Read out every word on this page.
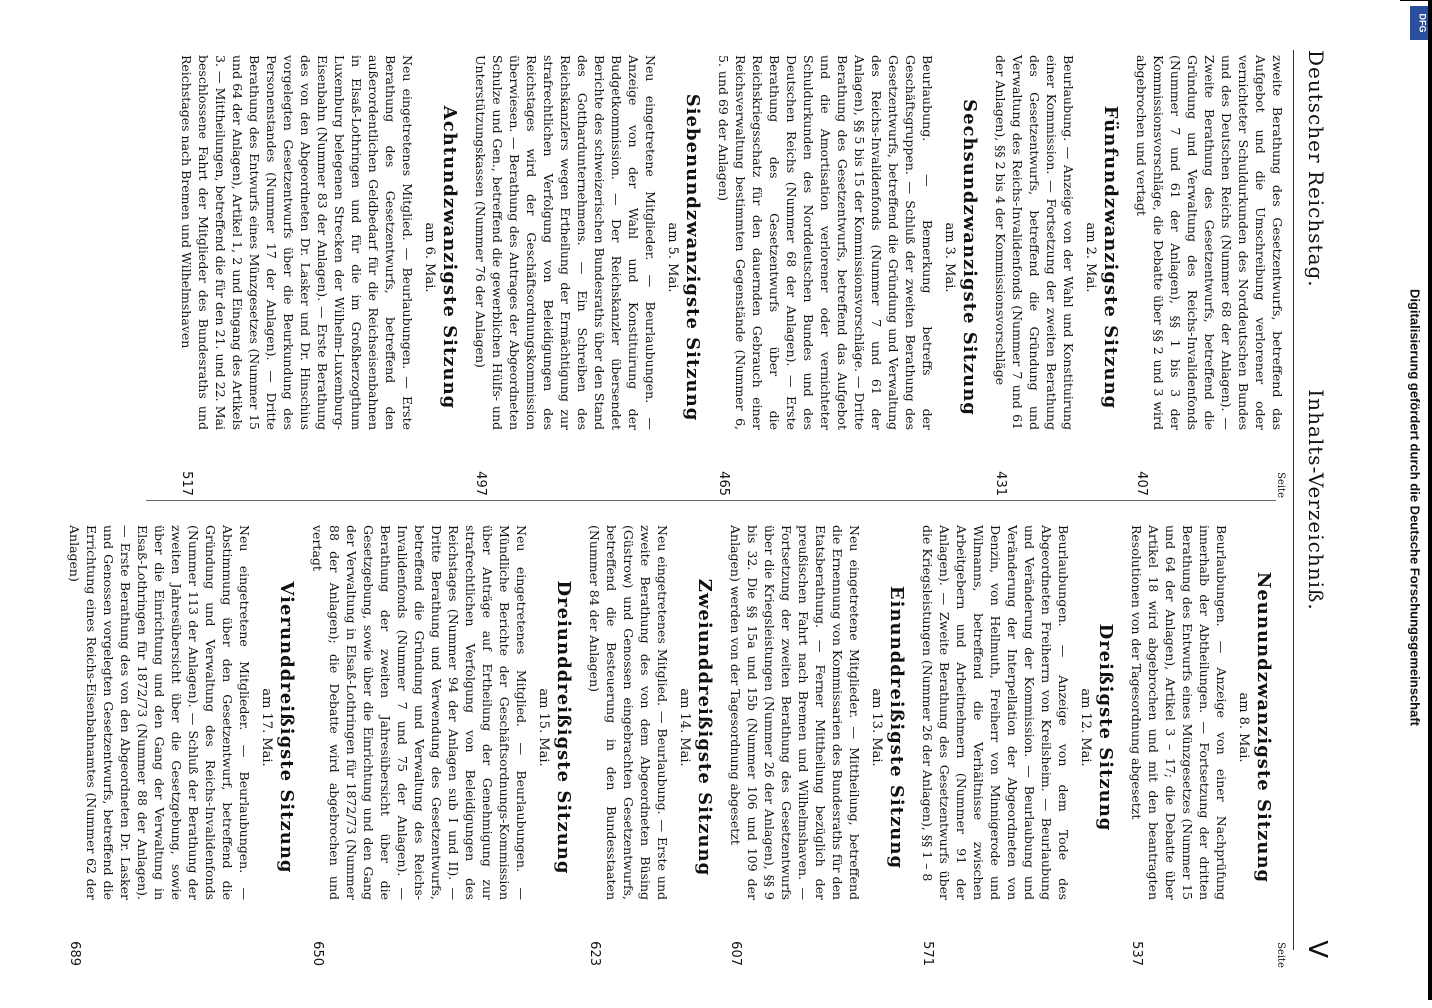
Deutscher Reichstag.
Inhalts-Verzeichniß.
V
Seite

zweite Berathung des Gesetzentwurfs, betreffend das Aufgebot und die Umschreibung verlorener oder vernichteter Schuldurkunden des Norddeutschen Bundes und des Deutschen Reichs (Nummer 68 der Anlagen). — Zweite Berathung des Gesetzentwurfs, betreffend die Gründung und Verwaltung des Reichs-Invalidenfonds (Nummer 7 und 61 der Anlagen), §§ 1 bis 3 der Kommissionsvorschläge, die Debatte über §§ 2 und 3 wird abgebrochen und vertagt
407

Fünfundzwanzigste Sitzung
am 2. Mai.

Beurlaubung. — Anzeige von der Wahl und Konstituirung einer Kommission. — Fortsetzung der zweiten Berathung des Gesetzentwurfs, betreffend die Gründung und Verwaltung des Reichs-Invalidenfonds (Nummer 7 und 61 der Anlagen), §§ 2 bis 4 der Kommissionsvorschläge
431

Sechsundzwanzigste Sitzung
am 3. Mai.

Beurlaubung. — Bemerkung betreffs der Geschäftsgruppen. — Schluß der zweiten Berathung des Gesetzentwurfs, betreffend die Gründung und Verwaltung des Reichs-Invalidenfonds (Nummer 7 und 61 der Anlagen), §§ 5 bis 15 der Kommissionsvorschläge. — Dritte Berathung des Gesetzentwurfs, betreffend das Aufgebot und die Amortisation verlorener oder vernichteter Schuldurkunden des Norddeutschen Bundes und des Deutschen Reichs (Nummer 68 der Anlagen). — Erste Berathung des Gesetzentwurfs über die Reichskriegsschatz für den dauernden Gebrauch einer Reichsverwaltung bestimmten Gegenstände (Nummer 6, 5. und 69 der Anlagen)
465

Siebenundzwanzigste Sitzung
am 5. Mai.

Neu eingetretene Mitglieder. — Beurlaubungen. — Anzeige von der Wahl und Konstituirung der Budgetkommission. — Der Reichskanzler übersendet Berichte des schweizerischen Bundesraths über den Stand des Gotthardunternehmens. — Ein Schreiben des Reichskanzlers wegen Ertheilung der Ermächtigung zur strafrechtlichen Verfolgung von Beleidigungen des Reichstages wird der Geschäftsordnungskommission überwiesen. — Berathung des Antrages der Abgeordneten Schulze und Gen., betreffend die gewerblichen Hülfs- und Unterstützungskassen (Nummer 76 der Anlagen)
497

Achtundzwanzigste Sitzung
am 6. Mai.

Neu eingetretenes Mitglied. — Beurlaubungen. — Erste Berathung des Gesetzentwurfs, betreffend den außerordentlichen Geldbedarf für die Reichseisenbahnen in Elsaß-Lothringen und für die im Großherzogthum Luxemburg belegenen Strecken der Wilhelm-Luxemburg-Eisenbahn (Nummer 83 der Anlagen). — Erste Berathung des von den Abgeordneten Dr. Lasker und Dr. Hinschius vorgelegten Gesetzentwurfs über die Beurkundung des Personenstandes (Nummer 17 der Anlagen). — Dritte Berathung des Entwurfs eines Münzgesetzes (Nummer 15 und 64 der Anlagen), Artikel 1, 2 und Eingang des Artikels 3. — Mittheilungen, betreffend die für den 21. und 22. Mai beschlossene Fahrt der Mitglieder des Bundesraths und Reichstages nach Bremen und Wilhelmshaven
517

Seite
Neunundzwanzigste Sitzung
am 8. Mai.

Beurlaubungen. — Anzeige von einer Nachprüfung innerhalb der Abtheilungen. — Fortsetzung der dritten Berathung des Entwurfs eines Münzgesetzes (Nummer 15 und 64 der Anlagen), Artikel 3 – 17; die Debatte über Artikel 18 wird abgebrochen und mit den beantragten Resolutionen von der Tagesordnung abgesetzt
537

Dreißigste Sitzung
am 12. Mai.

Beurlaubungen. — Anzeige von dem Tode des Abgeordneten Freiherrn von Kreilsheim. — Beurlaubung und Veränderung der Kommission. — Beurlaubung und Veränderung der Interpellation der Abgeordneten von Denzin, von Hellmuth, Freiherr von Minnigerode und Wilmanns, betreffend die Verhältnisse zwischen Arbeitgebern und Arbeitnehmern (Nummer 91 der Anlagen). — Zweite Berathung des Gesetzentwurfs über die Kriegsleistungen (Nummer 26 der Anlagen), §§ 1 – 8
571

Einunddreißigste Sitzung
am 13. Mai.

Neu eingetretene Mitglieder. — Mittheilung, betreffend die Ernennung von Kommissarien des Bundesraths für den Etatsberathung. — Ferner Mittheilung bezüglich der preußischen Fahrt nach Bremen und Wilhelmshaven. — Fortsetzung der zweiten Berathung des Gesetzentwurfs über die Kriegsleistungen (Nummer 26 der Anlagen), §§ 9 bis 32. Die §§ 15a und 15b (Nummer 106 und 109 der Anlagen) werden von der Tagesordnung abgesetzt
607

Zweiunddreißigste Sitzung
am 14. Mai.

Neu eingetretenes Mitglied. — Beurlaubung. — Erste und zweite Berathung des von dem Abgeordneten Büsing (Güstrow) und Genossen eingebrachten Gesetzentwurfs, betreffend die Besteuerung in den Bundesstaaten (Nummer 84 der Anlagen)
623

Dreiunddreißigste Sitzung
am 15. Mai.

Neu eingetretenes Mitglied. — Beurlaubungen. — Mündliche Berichte der Geschäftsordnungs-Kommission über Anträge auf Ertheilung der Genehmigung zur strafrechtlichen Verfolgung von Beleidigungen des Reichstages (Nummer 94 der Anlagen sub I und II). — Dritte Berathung und Verwendung des Gesetzentwurfs, betreffend die Gründung und Verwaltung des Reichs-Invalidenfonds (Nummer 7 und 75 der Anlagen). — Berathung der zweiten Jahresübersicht über die Gesetzgebung, sowie über die Einrichtung und den Gang der Verwaltung in Elsaß-Lothringen für 1872/73 (Nummer 88 der Anlagen); die Debatte wird abgebrochen und vertagt
650

Vierunddreißigste Sitzung
am 17. Mai.

Neu eingetretene Mitglieder. — Beurlaubungen. — Abstimmung über den Gesetzentwurf, betreffend die Gründung und Verwaltung des Reichs-Invalidenfonds (Nummer 113 der Anlagen). — Schluß der Berathung der zweiten Jahresübersicht über die Gesetzgebung, sowie über die Einrichtung und den Gang der Verwaltung in Elsaß-Lothringen für 1872/73 (Nummer 88 der Anlagen). — Erste Berathung des von den Abgeordneten Dr. Lasker und Genossen vorgelegten Gesetzentwurfs, betreffend die Errichtung eines Reichs-Eisenbahnamtes (Nummer 62 der Anlagen)
689

Digitalisierung gefördert durch die Deutsche Forschungsgemeinschaft
DFG
